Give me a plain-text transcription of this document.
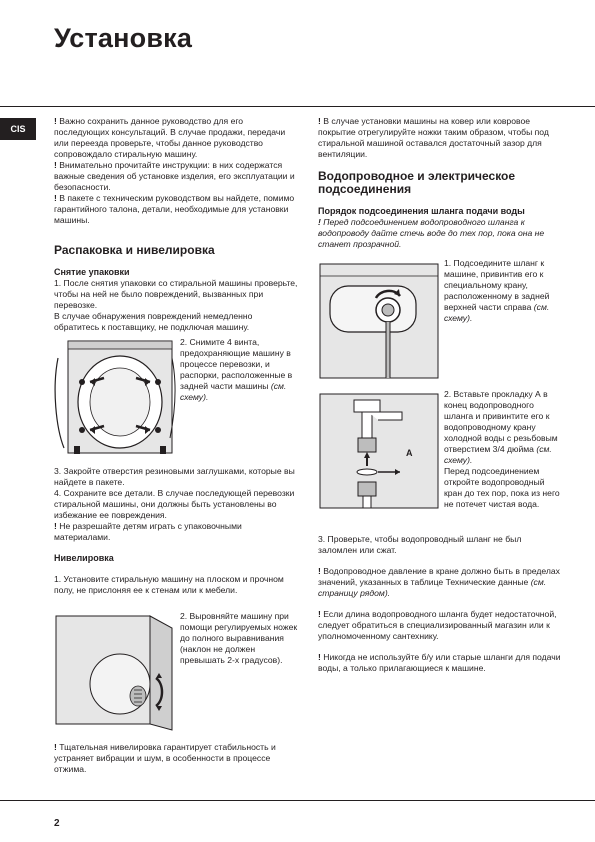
Установка
CIS

! Важно сохранить данное руководство для его последующих консультаций. В случае продажи, передачи или переезда проверьте, чтобы данное руководство сопровождало стиральную машину.

! Внимательно прочитайте инструкции: в них содержатся важные сведения об установке изделия, его эксплуатации и безопасности.

! В пакете с техническим руководством вы найдете, помимо гарантийного талона, детали, необходимые для установки машины.

Распаковка и нивелировка

Снятие упаковки

1. После снятия упаковки со стиральной машины проверьте, чтобы на ней не было повреждений, вызванных при перевозке.

В случае обнаружения повреждений немедленно обратитесь к поставщику, не подключая машину.

2. Снимите 4 винта, предохраняющие машину в процессе перевозки, и распорки, расположенные в задней части машины (см. схему).

3. Закройте отверстия резиновыми заглушками, которые вы найдете в пакете.

4. Сохраните все детали. В случае последующей перевозки стиральной машины, они должны быть установлены во избежание ее повреждения.

! Не разрешайте детям играть с упаковочными материалами.

Нивелировка

1. Установите стиральную машину на плоском и прочном полу, не прислоняя ее к стенам или к мебели.

2. Выровняйте машину при помощи регулируемых ножек до полного выравнивания (наклон не должен превышать 2-х градусов).

! Тщательная нивелировка гарантирует стабильность и устраняет вибрации и шум, в особенности в процессе отжима.

! В случае установки машины на ковер или ковровое покрытие отрегулируйте ножки таким образом, чтобы под стиральной машиной оставался достаточный зазор для вентиляции.

Водопроводное и электрическое подсоединения

Порядок подсоединения шланга подачи воды

! Перед подсоединением водопроводного шланга к водопроводу дайте стечь воде до тех пор, пока она не станет прозрачной.

1. Подсоедините шланг к машине, привинтив его к специальному крану, расположенному в задней верхней части справа (см. схему).

A

2. Вставьте прокладку А в конец водопроводного шланга и привинтите его к водопроводному крану холодной воды с резьбовым отверстием 3/4 дюйма (см. схему).

Перед подсоединением откройте водопроводный кран до тех пор, пока из него не потечет чистая вода.

3. Проверьте, чтобы водопроводный шланг не был заломлен или сжат.

! Водопроводное давление в кране должно быть в пределах значений, указанных в таблице Технические данные (см. страницу рядом).

! Если длина водопроводного шланга будет недостаточной, следует обратиться в специализированный магазин или к уполномоченному сантехнику.

! Никогда не используйте б/у или старые шланги для подачи воды, а только прилагающиеся к машине.

2
